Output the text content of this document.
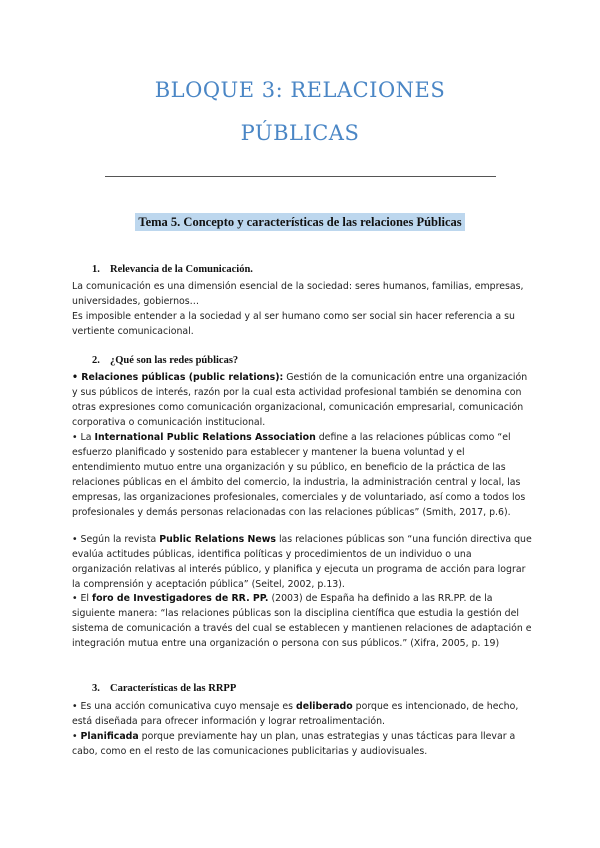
BLOQUE 3: RELACIONES
PÚBLICAS
Tema 5. Concepto y características de las relaciones Públicas
1. Relevancia de la Comunicación.
La comunicación es una dimensión esencial de la sociedad: seres humanos, familias, empresas, universidades, gobiernos…
Es imposible entender a la sociedad y al ser humano como ser social sin hacer referencia a su vertiente comunicacional.
2. ¿Qué son las redes públicas?
• Relaciones públicas (public relations): Gestión de la comunicación entre una organización y sus públicos de interés, razón por la cual esta actividad profesional también se denomina con otras expresiones como comunicación organizacional, comunicación empresarial, comunicación corporativa o comunicación institucional.
• La International Public Relations Association define a las relaciones públicas como “el esfuerzo planificado y sostenido para establecer y mantener la buena voluntad y el entendimiento mutuo entre una organización y su público, en beneficio de la práctica de las relaciones públicas en el ámbito del comercio, la industria, la administración central y local, las empresas, las organizaciones profesionales, comerciales y de voluntariado, así como a todos los profesionales y demás personas relacionadas con las relaciones públicas” (Smith, 2017, p.6).
• Según la revista Public Relations News las relaciones públicas son “una función directiva que evalúa actitudes públicas, identifica políticas y procedimientos de un individuo o una organización relativas al interés público, y planifica y ejecuta un programa de acción para lograr la comprensión y aceptación pública” (Seitel, 2002, p.13).
• El foro de Investigadores de RR. PP. (2003) de España ha definido a las RR.PP. de la siguiente manera: “las relaciones públicas son la disciplina científica que estudia la gestión del sistema de comunicación a través del cual se establecen y mantienen relaciones de adaptación e integración mutua entre una organización o persona con sus públicos.” (Xifra, 2005, p. 19)
3. Características de las RRPP
• Es una acción comunicativa cuyo mensaje es deliberado porque es intencionado, de hecho, está diseñada para ofrecer información y lograr retroalimentación.
• Planificada porque previamente hay un plan, unas estrategias y unas tácticas para llevar a cabo, como en el resto de las comunicaciones publicitarias y audiovisuales.
